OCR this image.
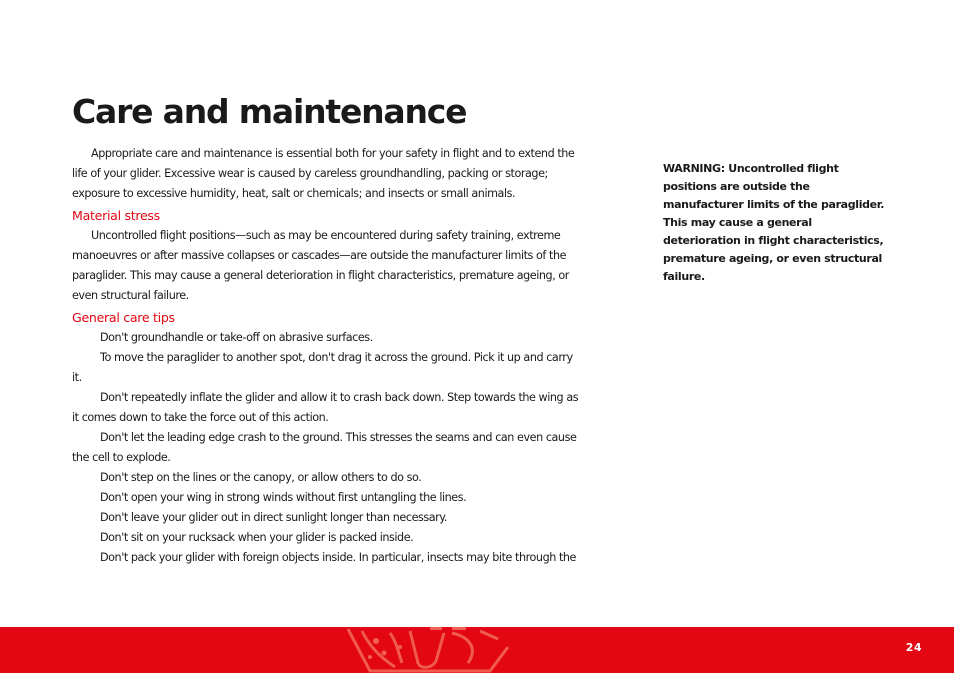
Care and maintenance

Appropriate care and maintenance is essential both for your safety in flight and to extend the life of your glider. Excessive wear is caused by careless groundhandling, packing or storage; exposure to excessive humidity, heat, salt or chemicals; and insects or small animals.

Material stress

Uncontrolled flight positions—such as may be encountered during safety training, extreme manoeuvres or after massive collapses or cascades—are outside the manufacturer limits of the paraglider. This may cause a general deterioration in flight characteristics, premature ageing, or even structural failure.

General care tips

Don't groundhandle or take-off on abrasive surfaces.

To move the paraglider to another spot, don't drag it across the ground. Pick it up and carry it.

Don't repeatedly inflate the glider and allow it to crash back down. Step towards the wing as it comes down to take the force out of this action.

Don't let the leading edge crash to the ground. This stresses the seams and can even cause the cell to explode.

Don't step on the lines or the canopy, or allow others to do so.

Don't open your wing in strong winds without first untangling the lines.

Don't leave your glider out in direct sunlight longer than necessary.

Don't sit on your rucksack when your glider is packed inside.

Don't pack your glider with foreign objects inside. In particular, insects may bite through the

WARNING: Uncontrolled flight positions are outside the manufacturer limits of the paraglider. This may cause a general deterioration in flight characteristics, premature ageing, or even structural failure.

24
